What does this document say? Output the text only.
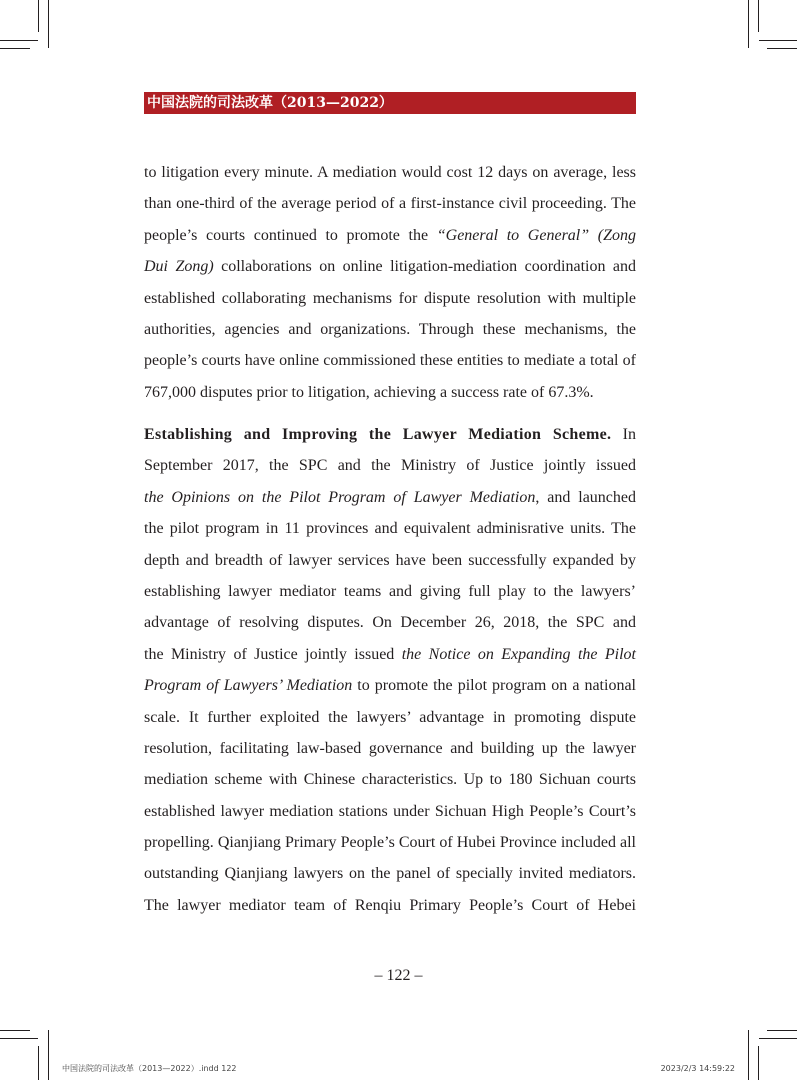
中国法院的司法改革（2013—2022）
to litigation every minute. A mediation would cost 12 days on average, less
than one-third of the average period of a first-instance civil proceeding. The
people’s courts continued to promote the “General to General” (Zong
Dui Zong) collaborations on online litigation-mediation coordination and
established collaborating mechanisms for dispute resolution with multiple
authorities, agencies and organizations. Through these mechanisms, the
people’s courts have online commissioned these entities to mediate a total of
767,000 disputes prior to litigation, achieving a success rate of 67.3%.
Establishing and Improving the Lawyer Mediation Scheme. In
September 2017, the SPC and the Ministry of Justice jointly issued
the Opinions on the Pilot Program of Lawyer Mediation, and launched
the pilot program in 11 provinces and equivalent adminisrative units. The
depth and breadth of lawyer services have been successfully expanded by
establishing lawyer mediator teams and giving full play to the lawyers’
advantage of resolving disputes. On December 26, 2018, the SPC and
the Ministry of Justice jointly issued the Notice on Expanding the Pilot
Program of Lawyers’ Mediation to promote the pilot program on a national
scale. It further exploited the lawyers’ advantage in promoting dispute
resolution, facilitating law-based governance and building up the lawyer
mediation scheme with Chinese characteristics. Up to 180 Sichuan courts
established lawyer mediation stations under Sichuan High People’s Court’s
propelling. Qianjiang Primary People’s Court of Hubei Province included all
outstanding Qianjiang lawyers on the panel of specially invited mediators.
The lawyer mediator team of Renqiu Primary People’s Court of Hebei
– 122 –
中国法院的司法改革（2013—2022）.indd 122	2023/2/3 14:59:22
